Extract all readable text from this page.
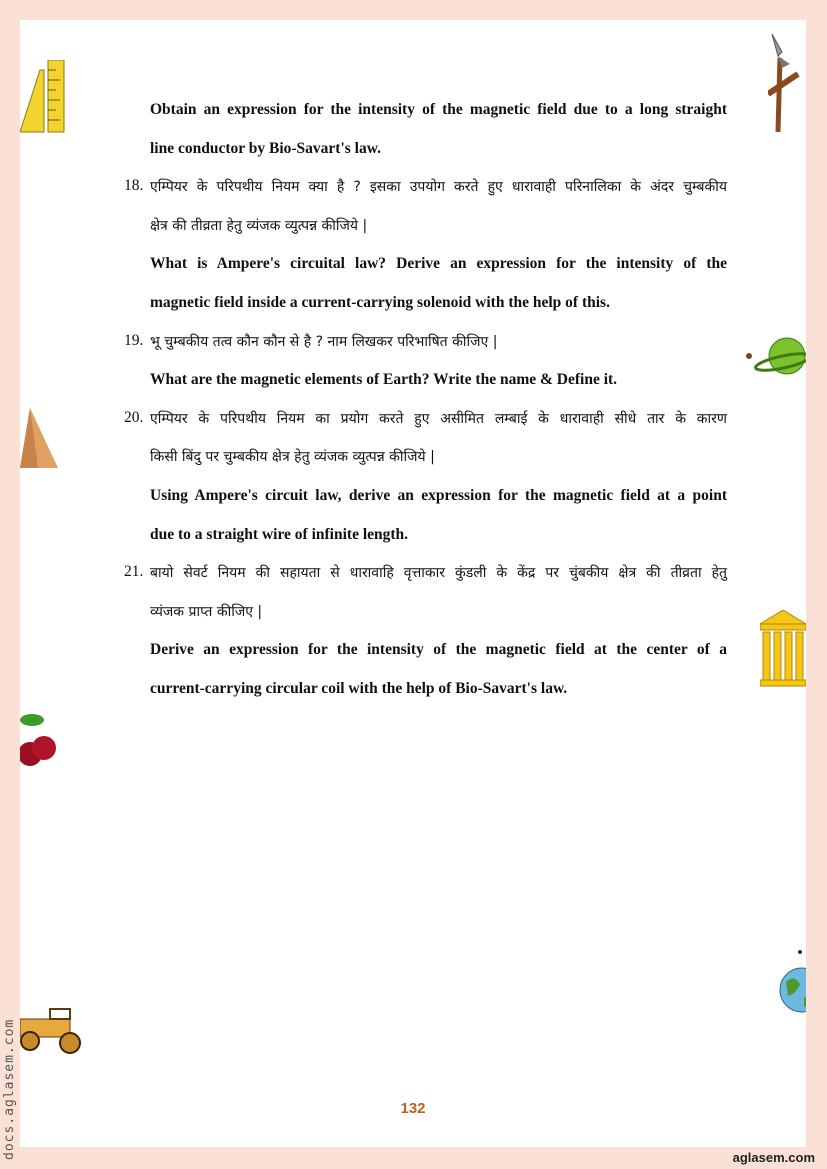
Obtain an expression for the intensity of the magnetic field due to a long straight
line conductor by Bio-Savart's law.
18. एम्पियर के परिपथीय नियम क्या है ? इसका उपयोग करते हुए धारावाही परिनालिका के अंदर चुम्बकीय
क्षेत्र की तीव्रता हेतु व्यंजक व्युत्पन्न कीजिये |
What is Ampere's circuital law? Derive an expression for the intensity of the
magnetic field inside a current-carrying solenoid with the help of this.
19. भू चुम्बकीय तत्व कौन कौन से है ? नाम लिखकर परिभाषित कीजिए |
What are the magnetic elements of Earth? Write the name & Define it.
20. एम्पियर के परिपथीय नियम का प्रयोग करते हुए असीमित लम्बाई के धारावाही सीधे तार के कारण
किसी बिंदु पर चुम्बकीय क्षेत्र हेतु व्यंजक व्युत्पन्न कीजिये |
Using Ampere's circuit law, derive an expression for the magnetic field at a point
due to a straight wire of infinite length.
21. बायो सेवर्ट नियम की सहायता से धारावाहि वृत्ताकार कुंडली के केंद्र पर चुंबकीय क्षेत्र की तीव्रता हेतु
व्यंजक प्राप्त कीजिए |
Derive an expression for the intensity of the magnetic field at the center of a
current-carrying circular coil with the help of Bio-Savart's law.
132
docs.aglasem.com	aglasem.com
